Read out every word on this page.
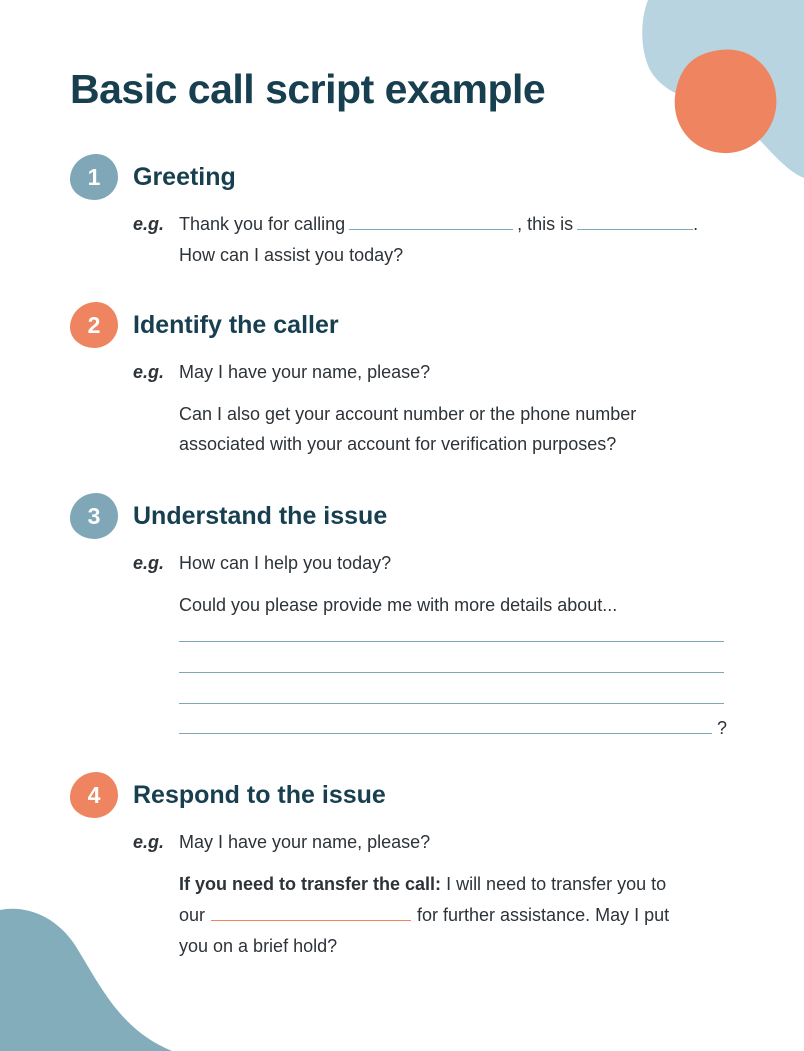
Basic call script example
1	Greeting
e.g. Thank you for calling	, this is	.
How can I assist you today?
2	Identify the caller
e.g. May I have your name, please?
Can I also get your account number or the phone number
associated with your account for verification purposes?
3	Understand the issue
e.g. How can I help you today?
Could you please provide me with more details about...
?
4	Respond to the issue
e.g. May I have your name, please?
If you need to transfer the call: I will need to transfer you to
our	for further assistance. May I put
you on a brief hold?
